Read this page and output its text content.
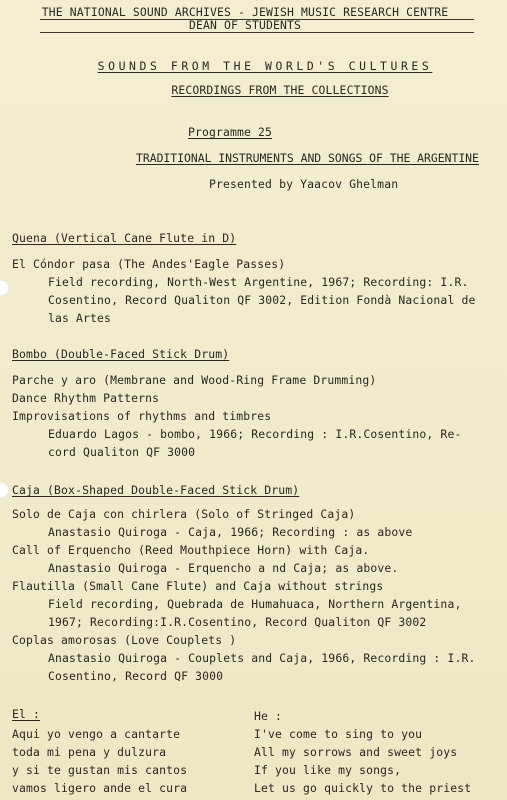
THE NATIONAL SOUND ARCHIVES - JEWISH MUSIC RESEARCH CENTRE
DEAN OF STUDENTS
SOUNDS FROM THE WORLD'S CULTURES
RECORDINGS FROM THE COLLECTIONS
Programme 25
TRADITIONAL INSTRUMENTS AND SONGS OF THE ARGENTINE
Presented by Yaacov Ghelman
Quena (Vertical Cane Flute in D)
El Cóndor pasa (The Andes'Eagle Passes)
Field recording, North-West Argentine, 1967; Recording: I.R.
Cosentino, Record Qualiton QF 3002, Edition Fondà Nacional de
las Artes
Bombo (Double-Faced Stick Drum)
Parche y aro (Membrane and Wood-Ring Frame Drumming)
Dance Rhythm Patterns
Improvisations of rhythms and timbres
Eduardo Lagos - bombo, 1966; Recording : I.R.Cosentino, Re-
cord Qualiton QF 3000
Caja (Box-Shaped Double-Faced Stick Drum)
Solo de Caja con chirlera (Solo of Stringed Caja)
Anastasio Quiroga - Caja, 1966; Recording : as above
Call of Erquencho (Reed Mouthpiece Horn) with Caja.
Anastasio Quiroga - Erquencho a nd Caja; as above.
Flautilla (Small Cane Flute) and Caja without strings
Field recording, Quebrada de Humahuaca, Northern Argentina,
1967; Recording:I.R.Cosentino, Record Qualiton QF 3002
Coplas amorosas (Love Couplets )
Anastasio Quiroga - Couplets and Caja, 1966, Recording : I.R.
Cosentino, Record QF 3000
El :
Aqui yo vengo a cantarte
toda mi pena y dulzura
y si te gustan mis cantos
vamos ligero ande el cura
He :
I've come to sing to you
All my sorrows and sweet joys
If you like my songs,
Let us go quickly to the priest
